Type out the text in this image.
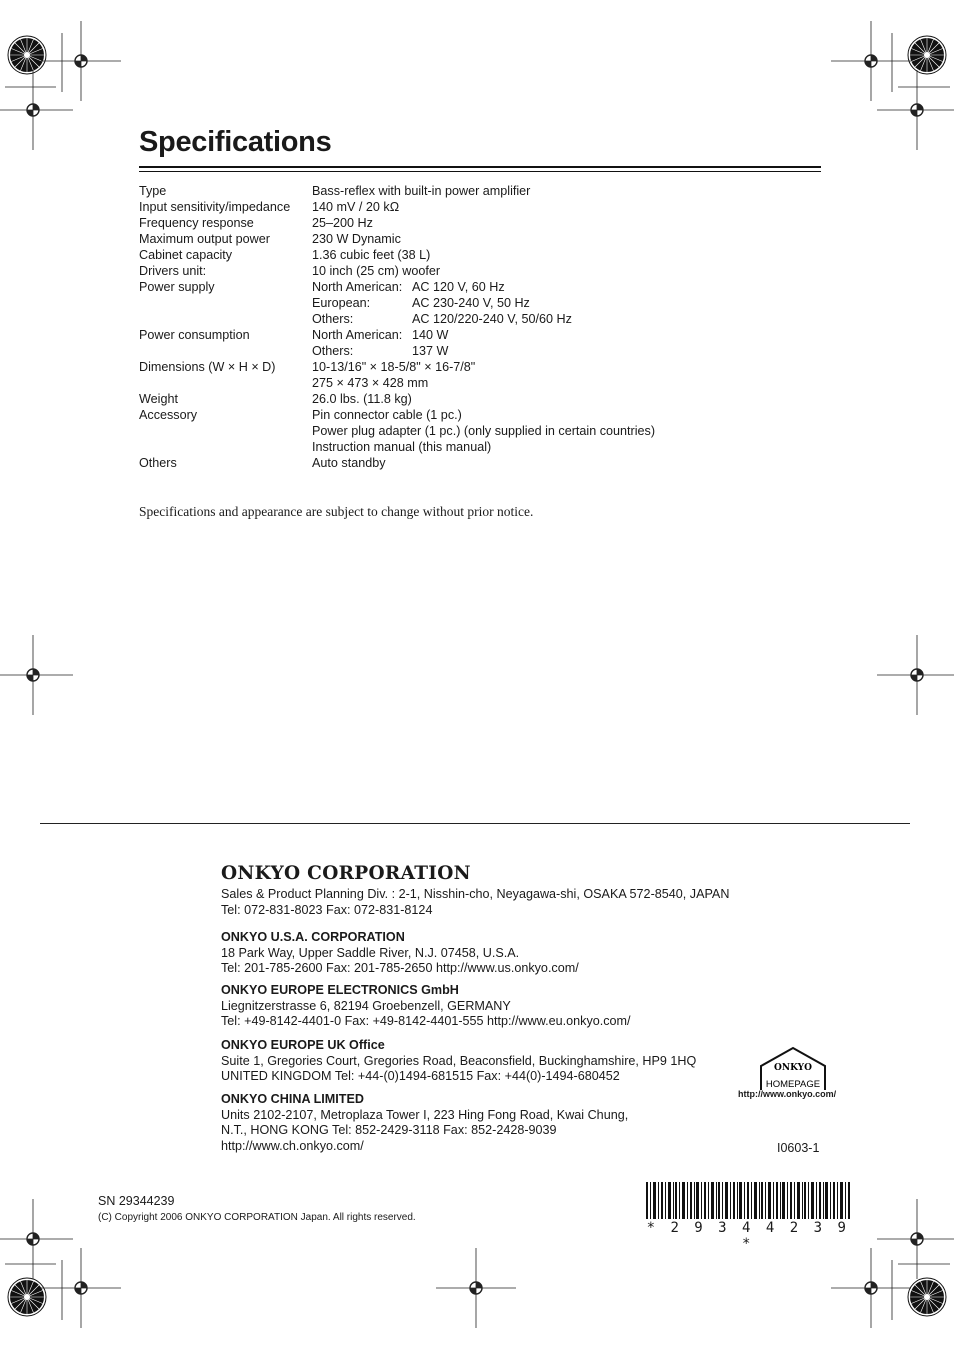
Specifications
Type	Bass-reflex with built-in power amplifier	
Input sensitivity/impedance	140 mV / 20 kΩ	
Frequency response	25–200 Hz	
Maximum output power	230 W Dynamic	
Cabinet capacity	1.36 cubic feet (38 L)	
Drivers unit:	10 inch (25 cm) woofer	
Power supply	North American:	AC 120 V, 60 Hz
	European:	AC 230-240 V, 50 Hz
	Others:	AC 120/220-240 V, 50/60 Hz
Power consumption	North American:	140 W
	Others:	137 W
Dimensions (W × H × D)	10-13/16" × 18-5/8" × 16-7/8"	
	275 × 473 × 428 mm	
Weight	26.0 lbs. (11.8 kg)	
Accessory	Pin connector cable (1 pc.)	
	Power plug adapter (1 pc.) (only supplied in certain countries)	
	Instruction manual (this manual)	
Others	Auto standby	
Specifications and appearance are subject to change without prior notice.
ONKYO CORPORATION
Sales & Product Planning Div. : 2-1, Nisshin-cho, Neyagawa-shi, OSAKA 572-8540, JAPAN
Tel: 072-831-8023 Fax: 072-831-8124
ONKYO U.S.A. CORPORATION
18 Park Way, Upper Saddle River, N.J. 07458, U.S.A.
Tel: 201-785-2600 Fax: 201-785-2650 http://www.us.onkyo.com/
ONKYO EUROPE ELECTRONICS GmbH
Liegnitzerstrasse 6, 82194 Groebenzell, GERMANY
Tel: +49-8142-4401-0 Fax: +49-8142-4401-555 http://www.eu.onkyo.com/
ONKYO EUROPE UK Office
Suite 1, Gregories Court, Gregories Road, Beaconsfield, Buckinghamshire, HP9 1HQ
UNITED KINGDOM Tel: +44-(0)1494-681515 Fax: +44(0)-1494-680452
ONKYO CHINA LIMITED
Units 2102-2107, Metroplaza Tower I, 223 Hing Fong Road, Kwai Chung,
N.T., HONG KONG Tel: 852-2429-3118 Fax: 852-2428-9039
http://www.ch.onkyo.com/
ONKYO
HOMEPAGE
http://www.onkyo.com/
I0603-1
SN 29344239
(C) Copyright 2006 ONKYO CORPORATION Japan. All rights reserved.
* 2 9 3 4 4 2 3 9 *
